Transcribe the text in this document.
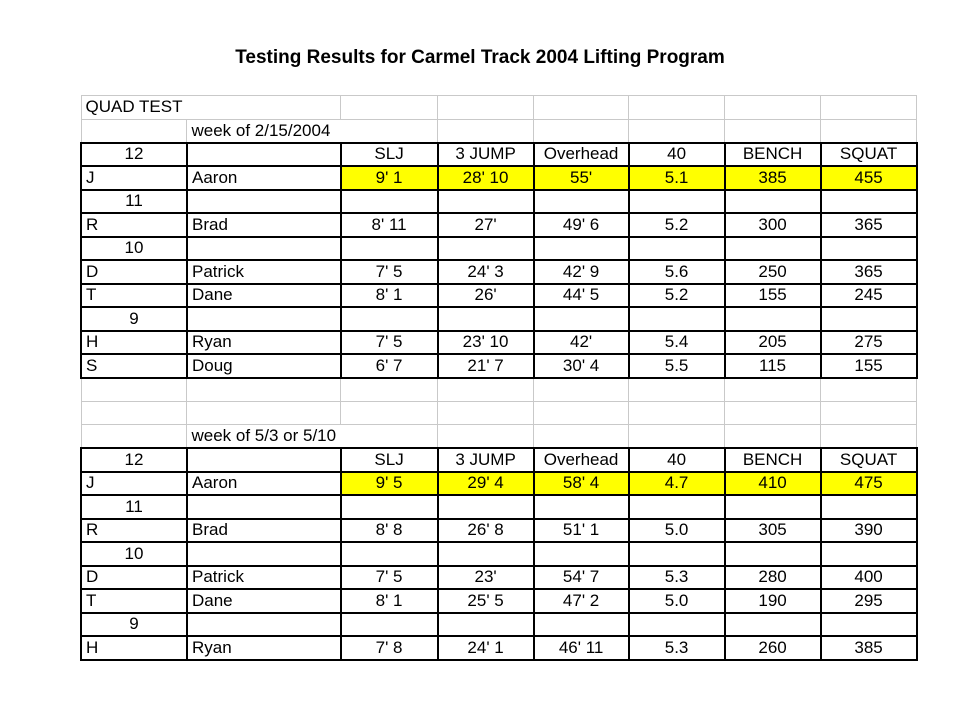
Testing Results for Carmel Track 2004 Lifting Program
QUAD TEST							
	week of 2/15/2004						
12		SLJ	3 JUMP	Overhead	40	BENCH	SQUAT
J	Aaron	9' 1	28' 10	55'	5.1	385	455
11							
R	Brad	8' 11	27'	49' 6	5.2	300	365
10							
D	Patrick	7' 5	24' 3	42' 9	5.6	250	365
T	Dane	8' 1	26'	44' 5	5.2	155	245
9							
H	Ryan	7' 5	23' 10	42'	5.4	205	275
S	Doug	6' 7	21' 7	30' 4	5.5	115	155

	week of 5/3 or 5/10						
12		SLJ	3 JUMP	Overhead	40	BENCH	SQUAT
J	Aaron	9' 5	29' 4	58' 4	4.7	410	475
11							
R	Brad	8' 8	26' 8	51' 1	5.0	305	390
10							
D	Patrick	7' 5	23'	54' 7	5.3	280	400
T	Dane	8' 1	25' 5	47' 2	5.0	190	295
9							
H	Ryan	7' 8	24' 1	46' 11	5.3	260	385
